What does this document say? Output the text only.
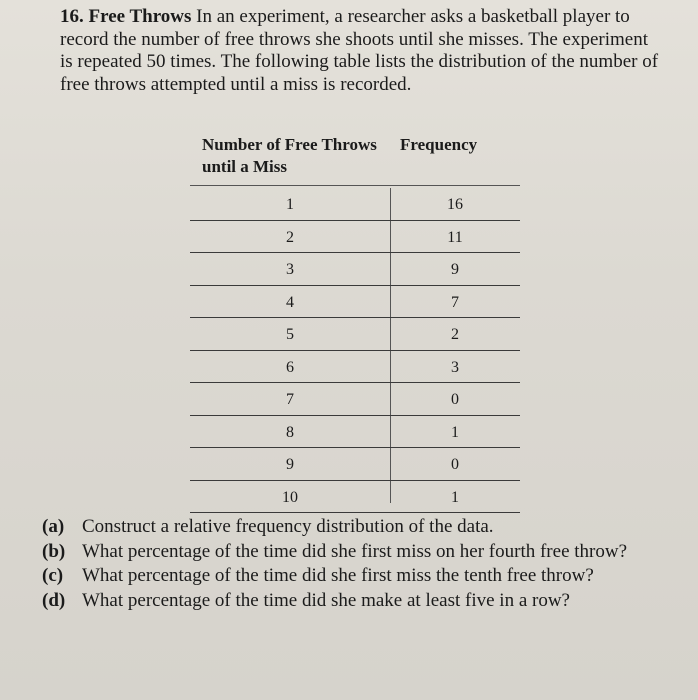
16. Free Throws In an experiment, a researcher asks a basketball player to record the number of free throws she shoots until she misses. The experiment is repeated 50 times. The following table lists the distribution of the number of free throws attempted until a miss is recorded.
Number of Free Throws until a Miss
Frequency
1	16
2	11
3	9
4	7
5	2
6	3
7	0
8	1
9	0
10	1
(a) Construct a relative frequency distribution of the data.
(b) What percentage of the time did she first miss on her fourth free throw?
(c) What percentage of the time did she first miss the tenth free throw?
(d) What percentage of the time did she make at least five in a row?
